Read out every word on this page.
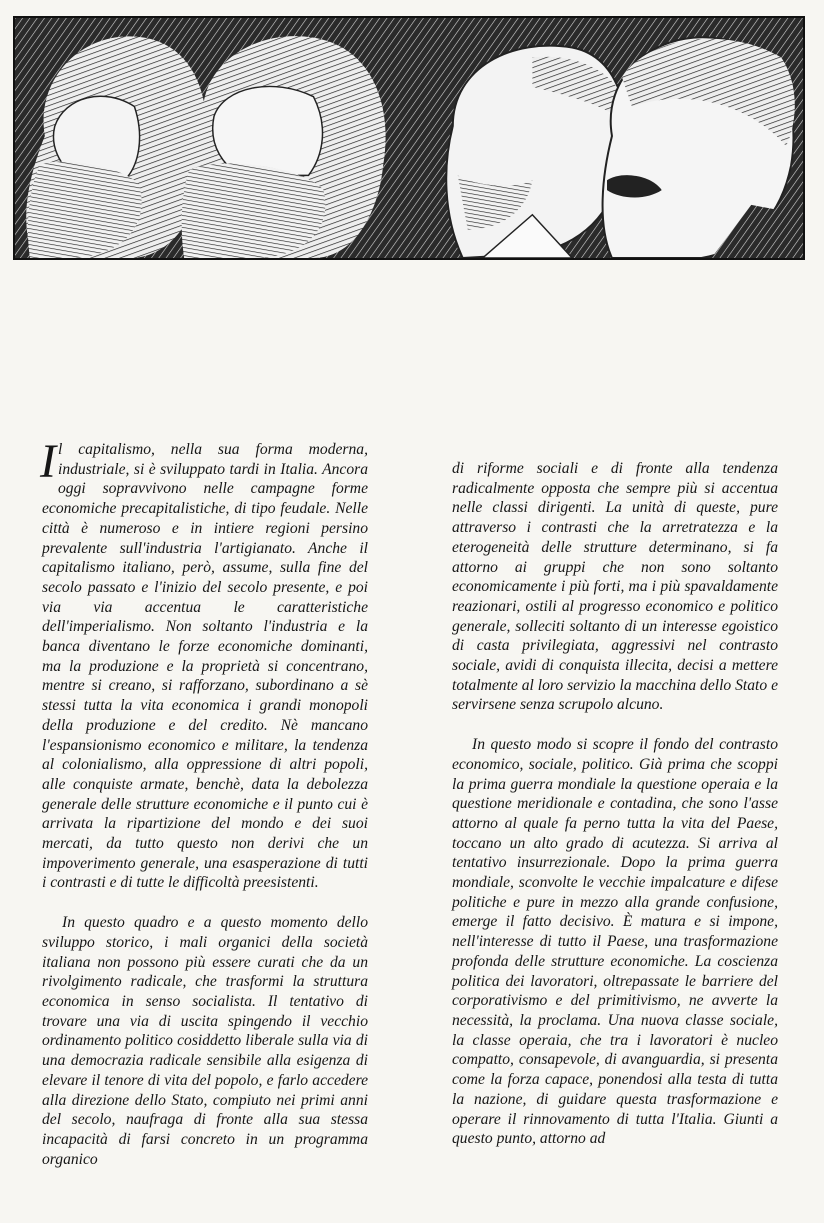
Il capitalismo, nella sua forma moderna, industriale, si è sviluppato tardi in Italia. Ancora oggi sopravvivono nelle campagne forme economiche precapitalistiche, di tipo feudale. Nelle città è numeroso e in intiere regioni persino prevalente sull'industria l'artigianato. Anche il capitalismo italiano, però, assume, sulla fine del secolo passato e l'inizio del secolo presente, e poi via via accentua le caratteristiche dell'imperialismo. Non soltanto l'industria e la banca diventano le forze economiche dominanti, ma la produzione e la proprietà si concentrano, mentre si creano, si rafforzano, subordinano a sè stessi tutta la vita economica i grandi monopoli della produzione e del credito. Nè mancano l'espansionismo economico e militare, la tendenza al colonialismo, alla oppressione di altri popoli, alle conquiste armate, benchè, data la debolezza generale delle strutture economiche e il punto cui è arrivata la ripartizione del mondo e dei suoi mercati, da tutto questo non derivi che un impoverimento generale, una esasperazione di tutti i contrasti e di tutte le difficoltà preesistenti.

In questo quadro e a questo momento dello sviluppo storico, i mali organici della società italiana non possono più essere curati che da un rivolgimento radicale, che trasformi la struttura economica in senso socialista. Il tentativo di trovare una via di uscita spingendo il vecchio ordinamento politico cosiddetto liberale sulla via di una democrazia radicale sensibile alla esigenza di elevare il tenore di vita del popolo, e farlo accedere alla direzione dello Stato, compiuto nei primi anni del secolo, naufraga di fronte alla sua stessa incapacità di farsi concreto in un programma organico

di riforme sociali e di fronte alla tendenza radicalmente opposta che sempre più si accentua nelle classi dirigenti. La unità di queste, pure attraverso i contrasti che la arretratezza e la eterogeneità delle strutture determinano, si fa attorno ai gruppi che non sono soltanto economicamente i più forti, ma i più spavaldamente reazionari, ostili al progresso economico e politico generale, solleciti soltanto di un interesse egoistico di casta privilegiata, aggressivi nel contrasto sociale, avidi di conquista illecita, decisi a mettere totalmente al loro servizio la macchina dello Stato e servirsene senza scrupolo alcuno.

In questo modo si scopre il fondo del contrasto economico, sociale, politico. Già prima che scoppi la prima guerra mondiale la questione operaia e la questione meridionale e contadina, che sono l'asse attorno al quale fa perno tutta la vita del Paese, toccano un alto grado di acutezza. Si arriva al tentativo insurrezionale. Dopo la prima guerra mondiale, sconvolte le vecchie impalcature e difese politiche e pure in mezzo alla grande confusione, emerge il fatto decisivo. È matura e si impone, nell'interesse di tutto il Paese, una trasformazione profonda delle strutture economiche. La coscienza politica dei lavoratori, oltrepassate le barriere del corporativismo e del primitivismo, ne avverte la necessità, la proclama. Una nuova classe sociale, la classe operaia, che tra i lavoratori è nucleo compatto, consapevole, di avanguardia, si presenta come la forza capace, ponendosi alla testa di tutta la nazione, di guidare questa trasformazione e operare il rinnovamento di tutta l'Italia. Giunti a questo punto, attorno ad
